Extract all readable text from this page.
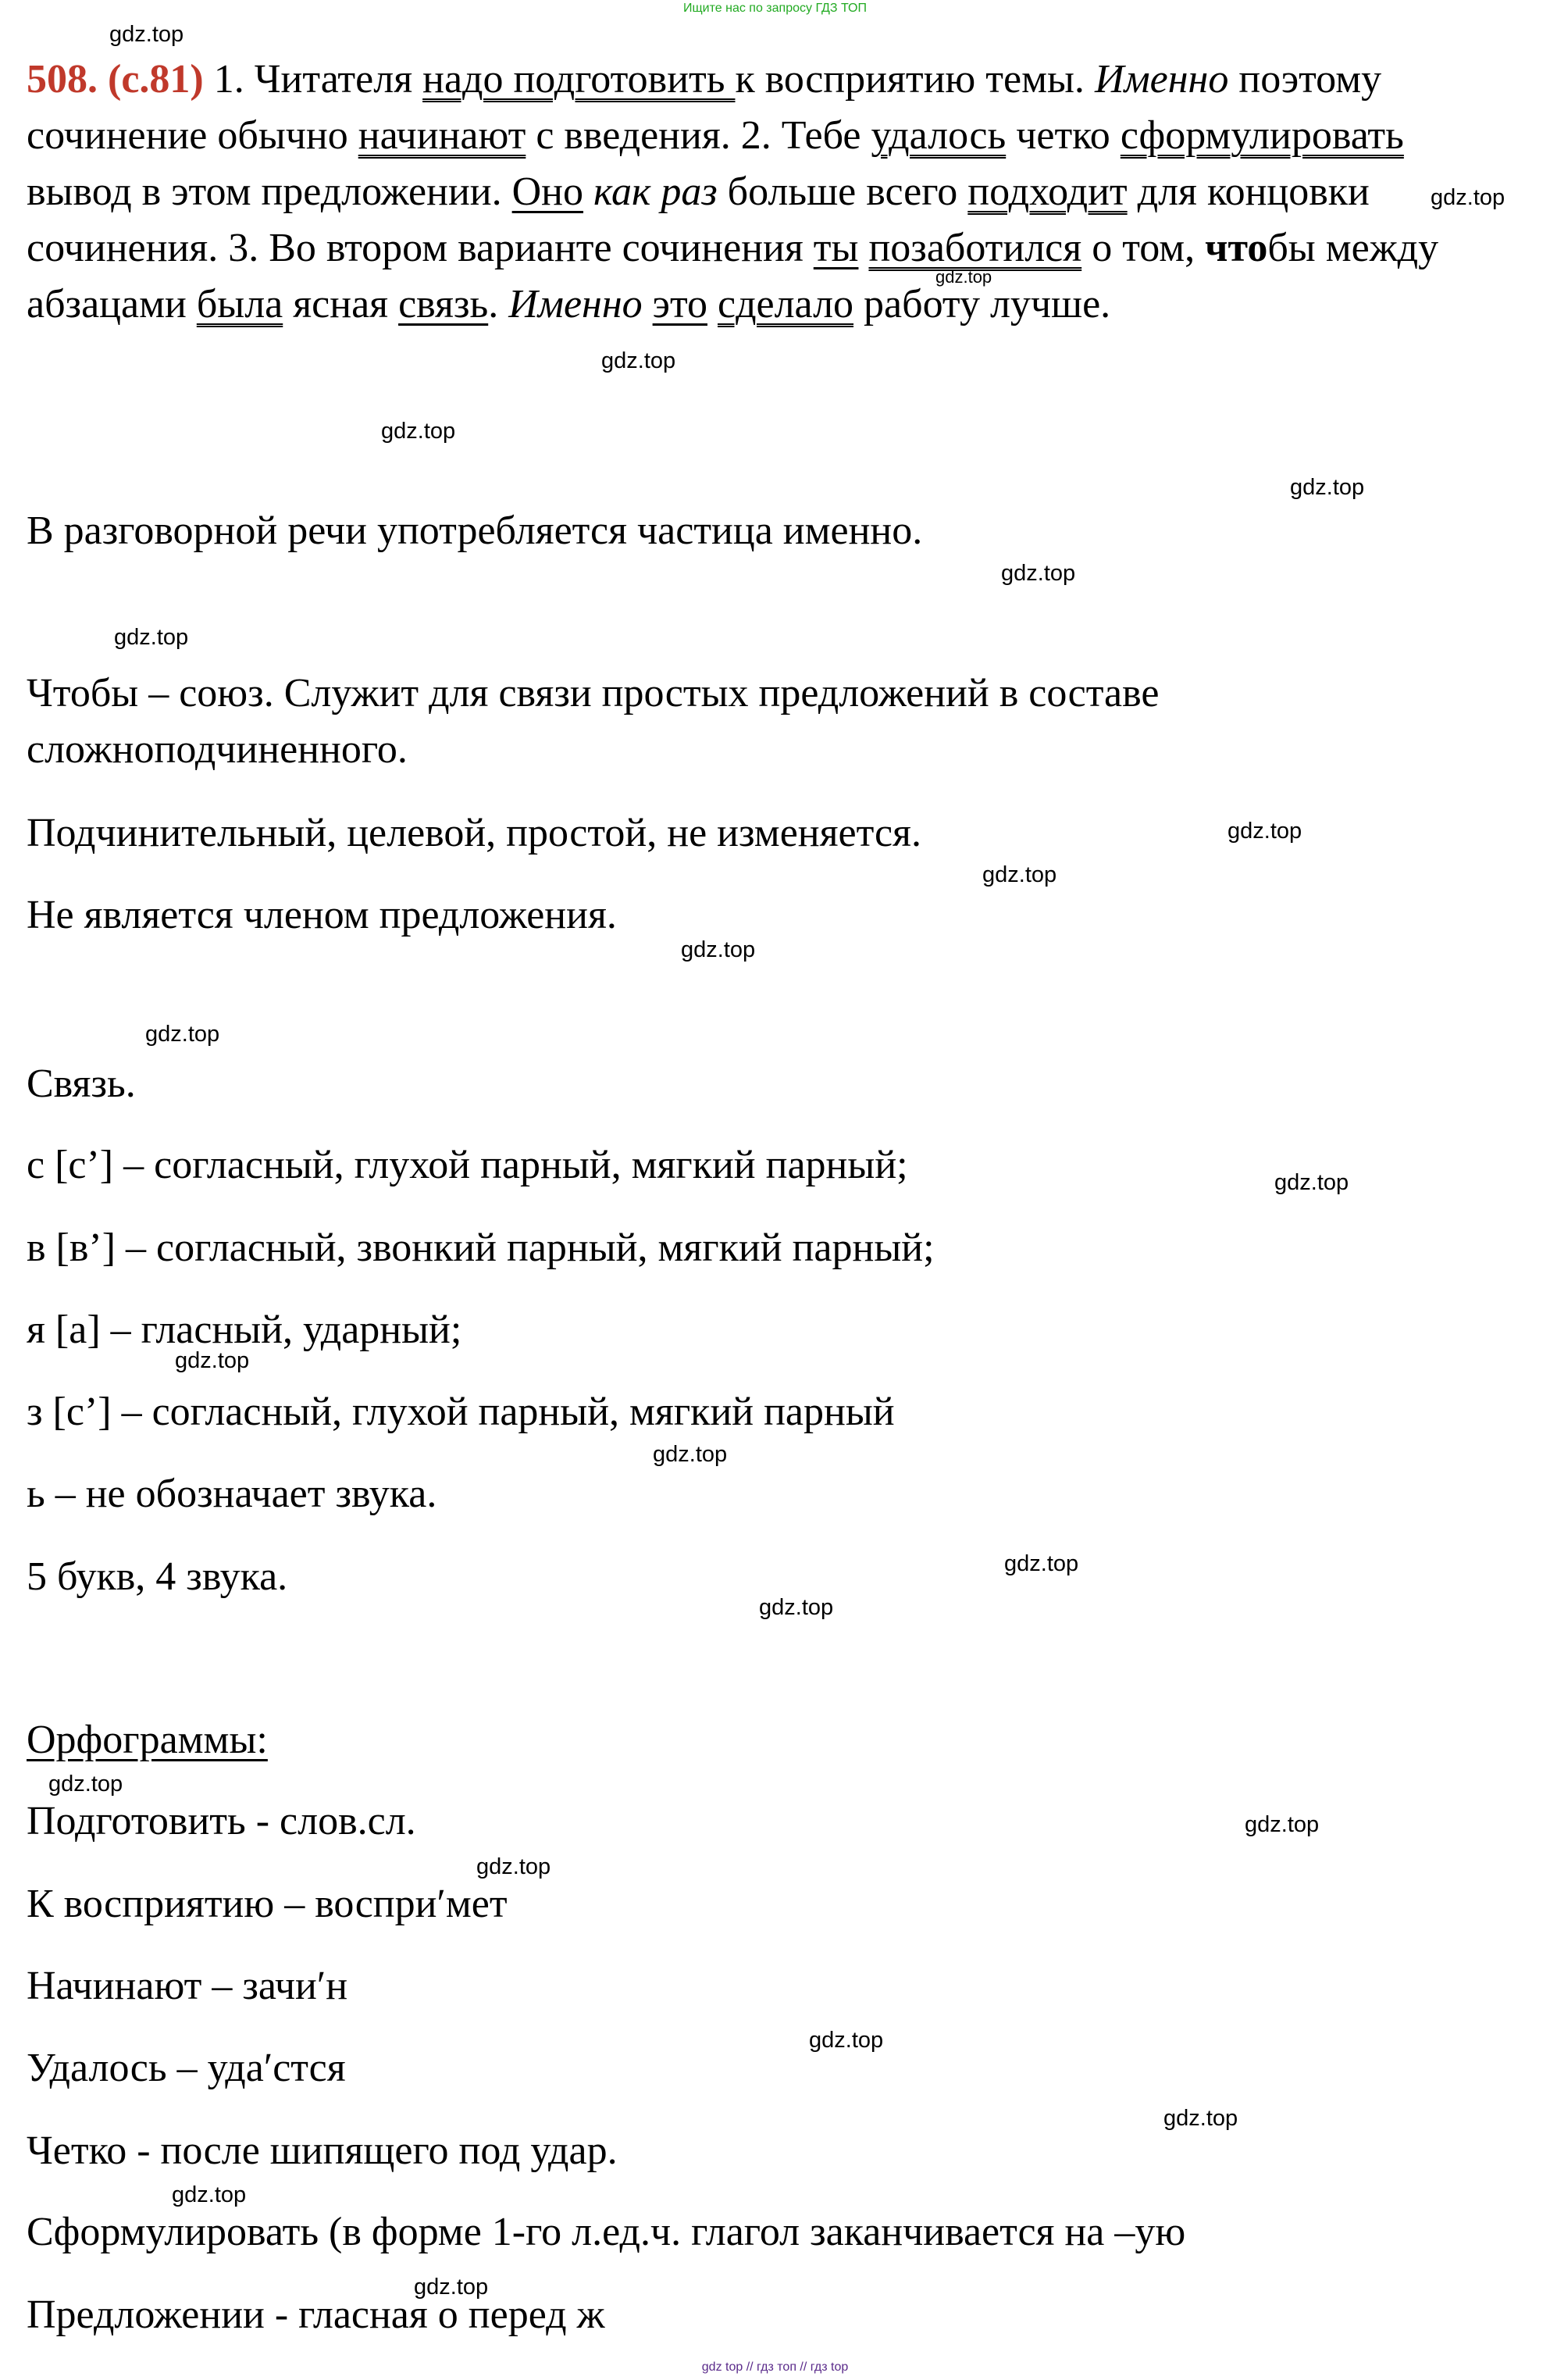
Ищите нас по запросу ГДЗ ТОП
508. (с.81) 1. Читателя надо подготовить к восприятию темы. Именно поэтому сочинение обычно начинают с введения. 2. Тебе удалось четко сформулировать вывод в этом предложении. Оно как раз больше всего подходит для концовки сочинения. 3. Во втором варианте сочинения ты позаботился о том, чтобы между абзацами была ясная связь. Именно это сделало работу лучше.
В разговорной речи употребляется частица именно.
Чтобы – союз. Служит для связи простых предложений в составе
сложноподчиненного.
Подчинительный, целевой, простой, не изменяется.
Не является членом предложения.
Связь.
с [с’] – согласный, глухой парный, мягкий парный;
в [в’] – согласный, звонкий парный, мягкий парный;
я [а] – гласный, ударный;
з [с’] – согласный, глухой парный, мягкий парный
ь – не обозначает звука.
5 букв, 4 звука.
Орфограммы:
Подготовить - слов.сл.
К восприятию – восприʹмет
Начинают – зачиʹн
Удалось – удаʹстся
Четко - после шипящего под удар.
Сформулировать (в форме 1-го л.ед.ч. глагол заканчивается на –ую
Предложении - гласная о перед ж
gdz.top
gdz.top
gdz.top
gdz.top
gdz.top
gdz.top
gdz.top
gdz.top
gdz.top
gdz.top
gdz.top
gdz.top
gdz.top
gdz.top
gdz.top
gdz.top
gdz.top
gdz.top
gdz.top
gdz.top
gdz.top
gdz.top
gdz.top
gdz.top
gdz top // гдз топ // гдз top
